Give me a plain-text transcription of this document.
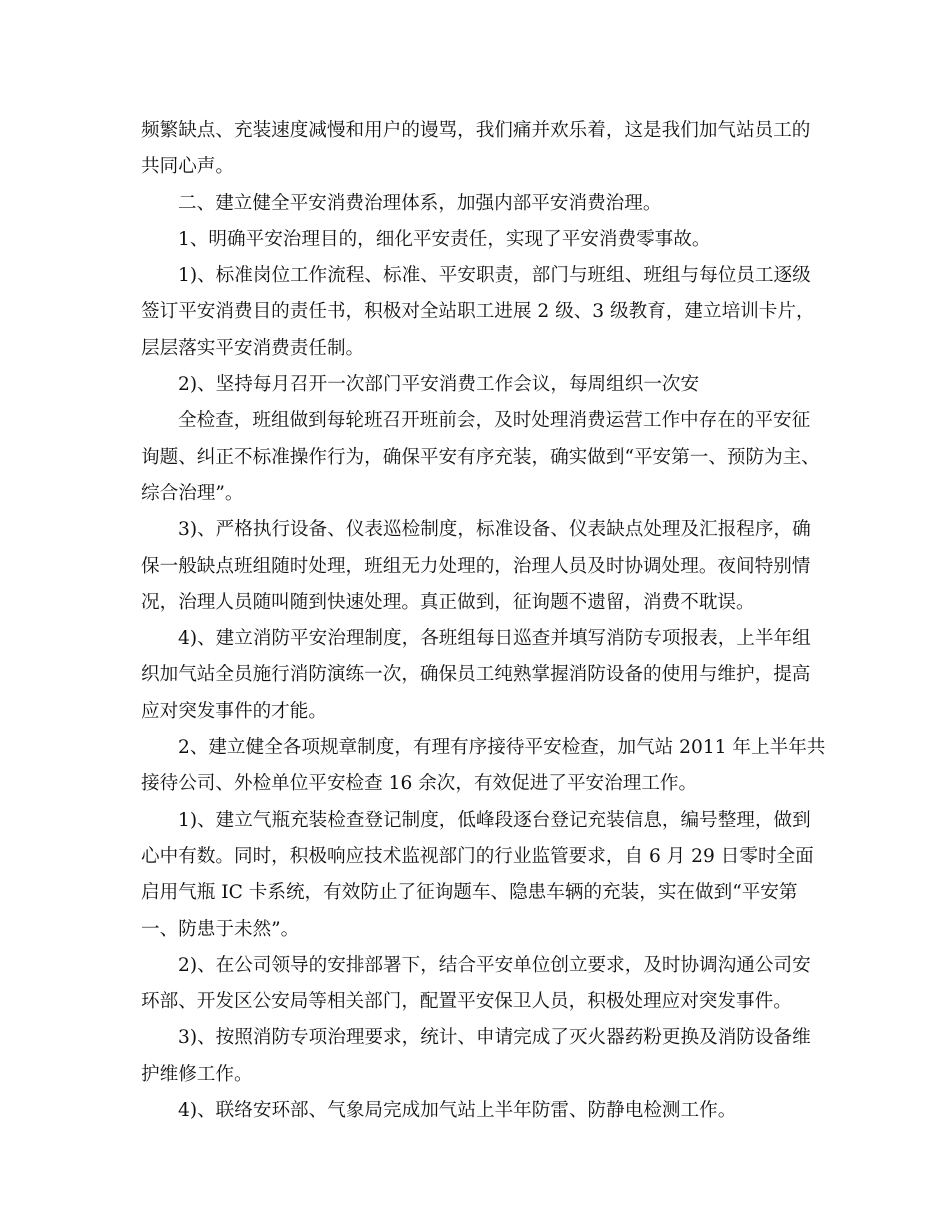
频繁缺点、充装速度减慢和用户的谩骂，我们痛并欢乐着，这是我们加气站员工的
共同心声。
二、建立健全平安消费治理体系，加强内部平安消费治理。
1、明确平安治理目的，细化平安责任，实现了平安消费零事故。
1)、标准岗位工作流程、标准、平安职责，部门与班组、班组与每位员工逐级
签订平安消费目的责任书，积极对全站职工进展 2 级、3 级教育，建立培训卡片，
层层落实平安消费责任制。
2)、坚持每月召开一次部门平安消费工作会议，每周组织一次安
全检查，班组做到每轮班召开班前会，及时处理消费运营工作中存在的平安征
询题、纠正不标准操作行为，确保平安有序充装，确实做到“平安第一、预防为主、
综合治理”。
3)、严格执行设备、仪表巡检制度，标准设备、仪表缺点处理及汇报程序，确
保一般缺点班组随时处理，班组无力处理的，治理人员及时协调处理。夜间特别情
况，治理人员随叫随到快速处理。真正做到，征询题不遗留，消费不耽误。
4)、建立消防平安治理制度，各班组每日巡查并填写消防专项报表，上半年组
织加气站全员施行消防演练一次，确保员工纯熟掌握消防设备的使用与维护，提高
应对突发事件的才能。
2、建立健全各项规章制度，有理有序接待平安检查，加气站 2011 年上半年共
接待公司、外检单位平安检查 16 余次，有效促进了平安治理工作。
1)、建立气瓶充装检查登记制度，低峰段逐台登记充装信息，编号整理，做到
心中有数。同时，积极响应技术监视部门的行业监管要求，自 6 月 29 日零时全面
启用气瓶 IC 卡系统，有效防止了征询题车、隐患车辆的充装，实在做到“平安第
一、防患于未然”。
2)、在公司领导的安排部署下，结合平安单位创立要求，及时协调沟通公司安
环部、开发区公安局等相关部门，配置平安保卫人员，积极处理应对突发事件。
3)、按照消防专项治理要求，统计、申请完成了灭火器药粉更换及消防设备维
护维修工作。
4)、联络安环部、气象局完成加气站上半年防雷、防静电检测工作。
